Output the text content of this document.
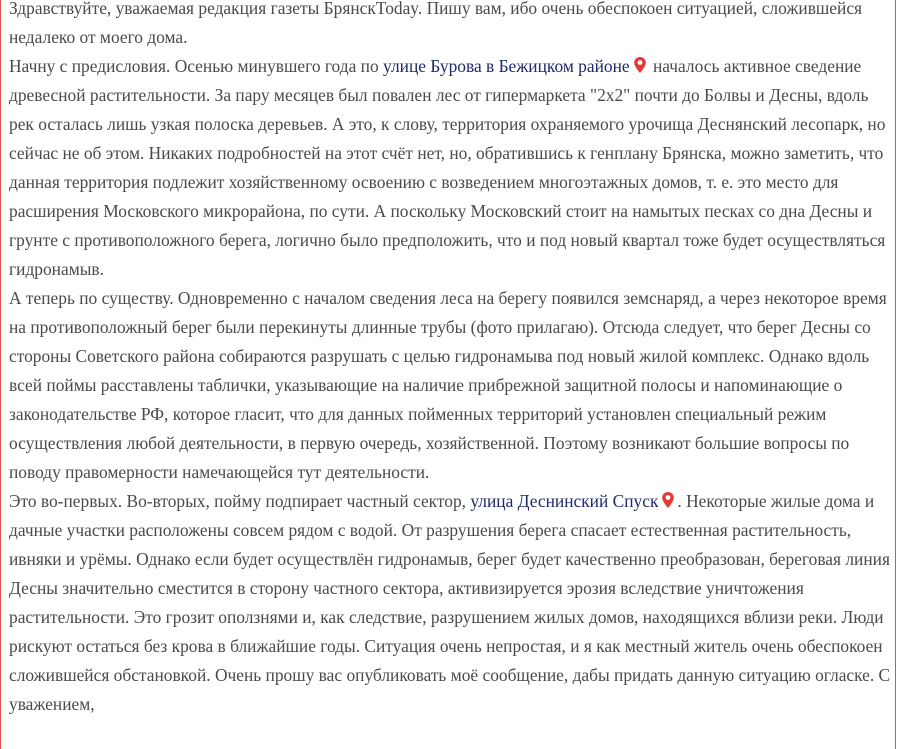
Здравствуйте, уважаемая редакция газеты БрянскToday. Пишу вам, ибо очень обеспокоен ситуацией, сложившейся недалеко от моего дома.

Начну с предисловия. Осенью минувшего года по улице Бурова в Бежицком районе началось активное сведение древесной растительности. За пару месяцев был повален лес от гипермаркета "2х2" почти до Болвы и Десны, вдоль рек осталась лишь узкая полоска деревьев. А это, к слову, территория охраняемого урочища Деснянский лесопарк, но сейчас не об этом. Никаких подробностей на этот счёт нет, но, обратившись к генплану Брянска, можно заметить, что данная территория подлежит хозяйственному освоению с возведением многоэтажных домов, т. е. это место для расширения Московского микрорайона, по сути. А поскольку Московский стоит на намытых песках со дна Десны и грунте с противоположного берега, логично было предположить, что и под новый квартал тоже будет осуществляться гидронамыв.

А теперь по существу. Одновременно с началом сведения леса на берегу появился земснаряд, а через некоторое время на противоположный берег были перекинуты длинные трубы (фото прилагаю). Отсюда следует, что берег Десны со стороны Советского района собираются разрушать с целью гидронамыва под новый жилой комплекс. Однако вдоль всей поймы расставлены таблички, указывающие на наличие прибрежной защитной полосы и напоминающие о законодательстве РФ, которое гласит, что для данных пойменных территорий установлен специальный режим осуществления любой деятельности, в первую очередь, хозяйственной. Поэтому возникают большие вопросы по поводу правомерности намечающейся тут деятельности.

Это во-первых. Во-вторых, пойму подпирает частный сектор, улица Деснинский Спуск . Некоторые жилые дома и дачные участки расположены совсем рядом с водой. От разрушения берега спасает естественная растительность, ивняки и урёмы. Однако если будет осуществлён гидронамыв, берег будет качественно преобразован, береговая линия Десны значительно сместится в сторону частного сектора, активизируется эрозия вследствие уничтожения растительности. Это грозит оползнями и, как следствие, разрушением жилых домов, находящихся вблизи реки. Люди рискуют остаться без крова в ближайшие годы. Ситуация очень непростая, и я как местный житель очень обеспокоен сложившейся обстановкой. Очень прошу вас опубликовать моё сообщение, дабы придать данную ситуацию огласке. С уважением,
